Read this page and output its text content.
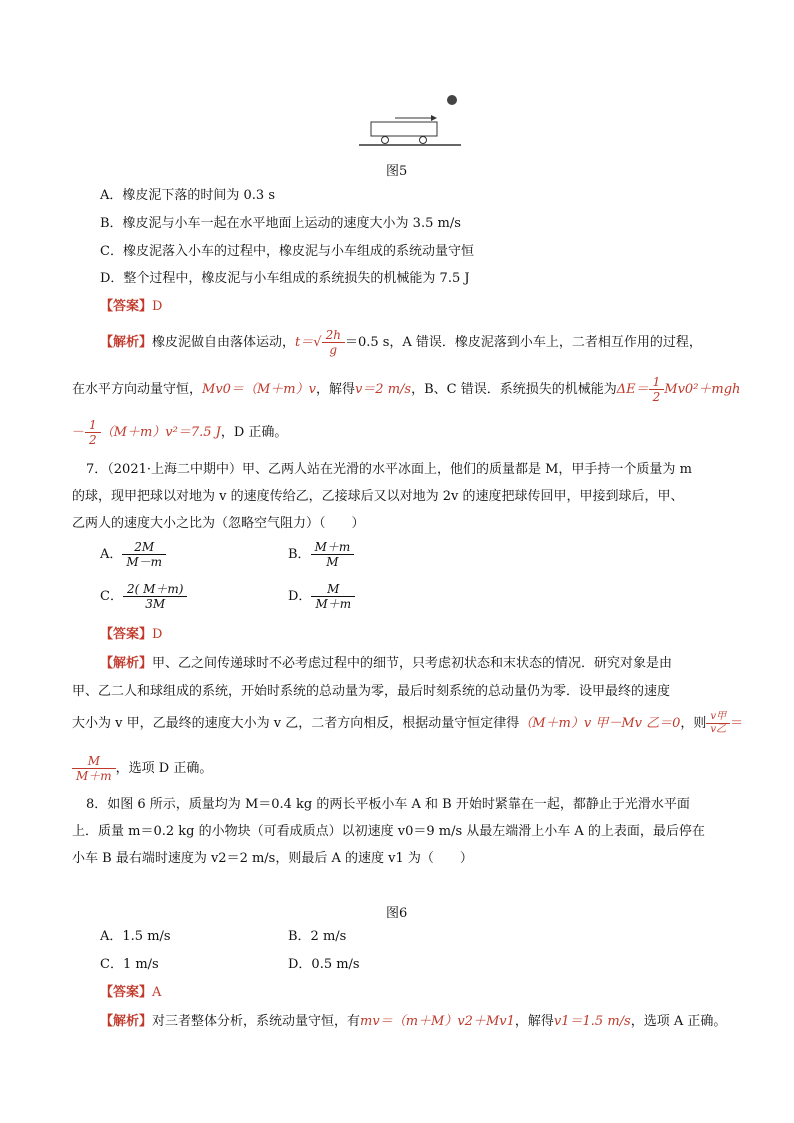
图5
A．橡皮泥下落的时间为 0.3 s
B．橡皮泥与小车一起在水平地面上运动的速度大小为 3.5 m/s
C．橡皮泥落入小车的过程中，橡皮泥与小车组成的系统动量守恒
D．整个过程中，橡皮泥与小车组成的系统损失的机械能为 7.5 J
【答案】D
【解析】橡皮泥做自由落体运动，$t=√ \frac{2h}{g} =0.5$ s，A 错误．橡皮泥落到小车上，二者相互作用的过程，
在水平方向动量守恒，Mv0＝（M＋m）v，解得v＝2 m/s，B、C 错误．系统损失的机械能为$\Delta E= \frac{1}{2} Mv0^2+mgh$
－ $\frac{1}{2} (M+m)v^2=7.5$ J，D 正确。
7．（2021·上海二中期中）甲、乙两人站在光滑的水平冰面上，他们的质量都是 M，甲手持一个质量为 m
的球，现甲把球以对地为 v 的速度传给乙，乙接球后又以对地为 2v 的速度把球传回甲，甲接到球后，甲、
乙两人的速度大小之比为（忽略空气阻力）（　　）
A． $\frac{2M}{M-m}$	B． $\frac{M+m}{M}$
C． $\frac{2( M+m)}{3M}$	D． $\frac{M}{M+m}$
【答案】D
【解析】甲、乙之间传递球时不必考虑过程中的细节，只考虑初状态和末状态的情况．研究对象是由
甲、乙二人和球组成的系统，开始时系统的总动量为零，最后时刻系统的总动量仍为零．设甲最终的速度
大小为 v 甲，乙最终的速度大小为 v 乙，二者方向相反，根据动量守恒定律得（M＋m）v 甲－Mv 乙＝0，则 $\frac{\text{v甲}}{\text{v乙}}$ ＝
$\frac{M}{M+m}$ ，选项 D 正确。
8．如图 6 所示，质量均为 M＝0.4 kg 的两长平板小车 A 和 B 开始时紧靠在一起，都静止于光滑水平面
上．质量 m＝0.2 kg 的小物块（可看成质点）以初速度 v0＝9 m/s 从最左端滑上小车 A 的上表面，最后停在
小车 B 最右端时速度为 v2＝2 m/s，则最后 A 的速度 v1 为（　　）
图6
A．1.5 m/s	B．2 m/s
C．1 m/s	D．0.5 m/s
【答案】A
【解析】对三者整体分析，系统动量守恒，有mv＝（m＋M）v2＋Mv1，解得v1＝1.5 m/s，选项 A 正确。
